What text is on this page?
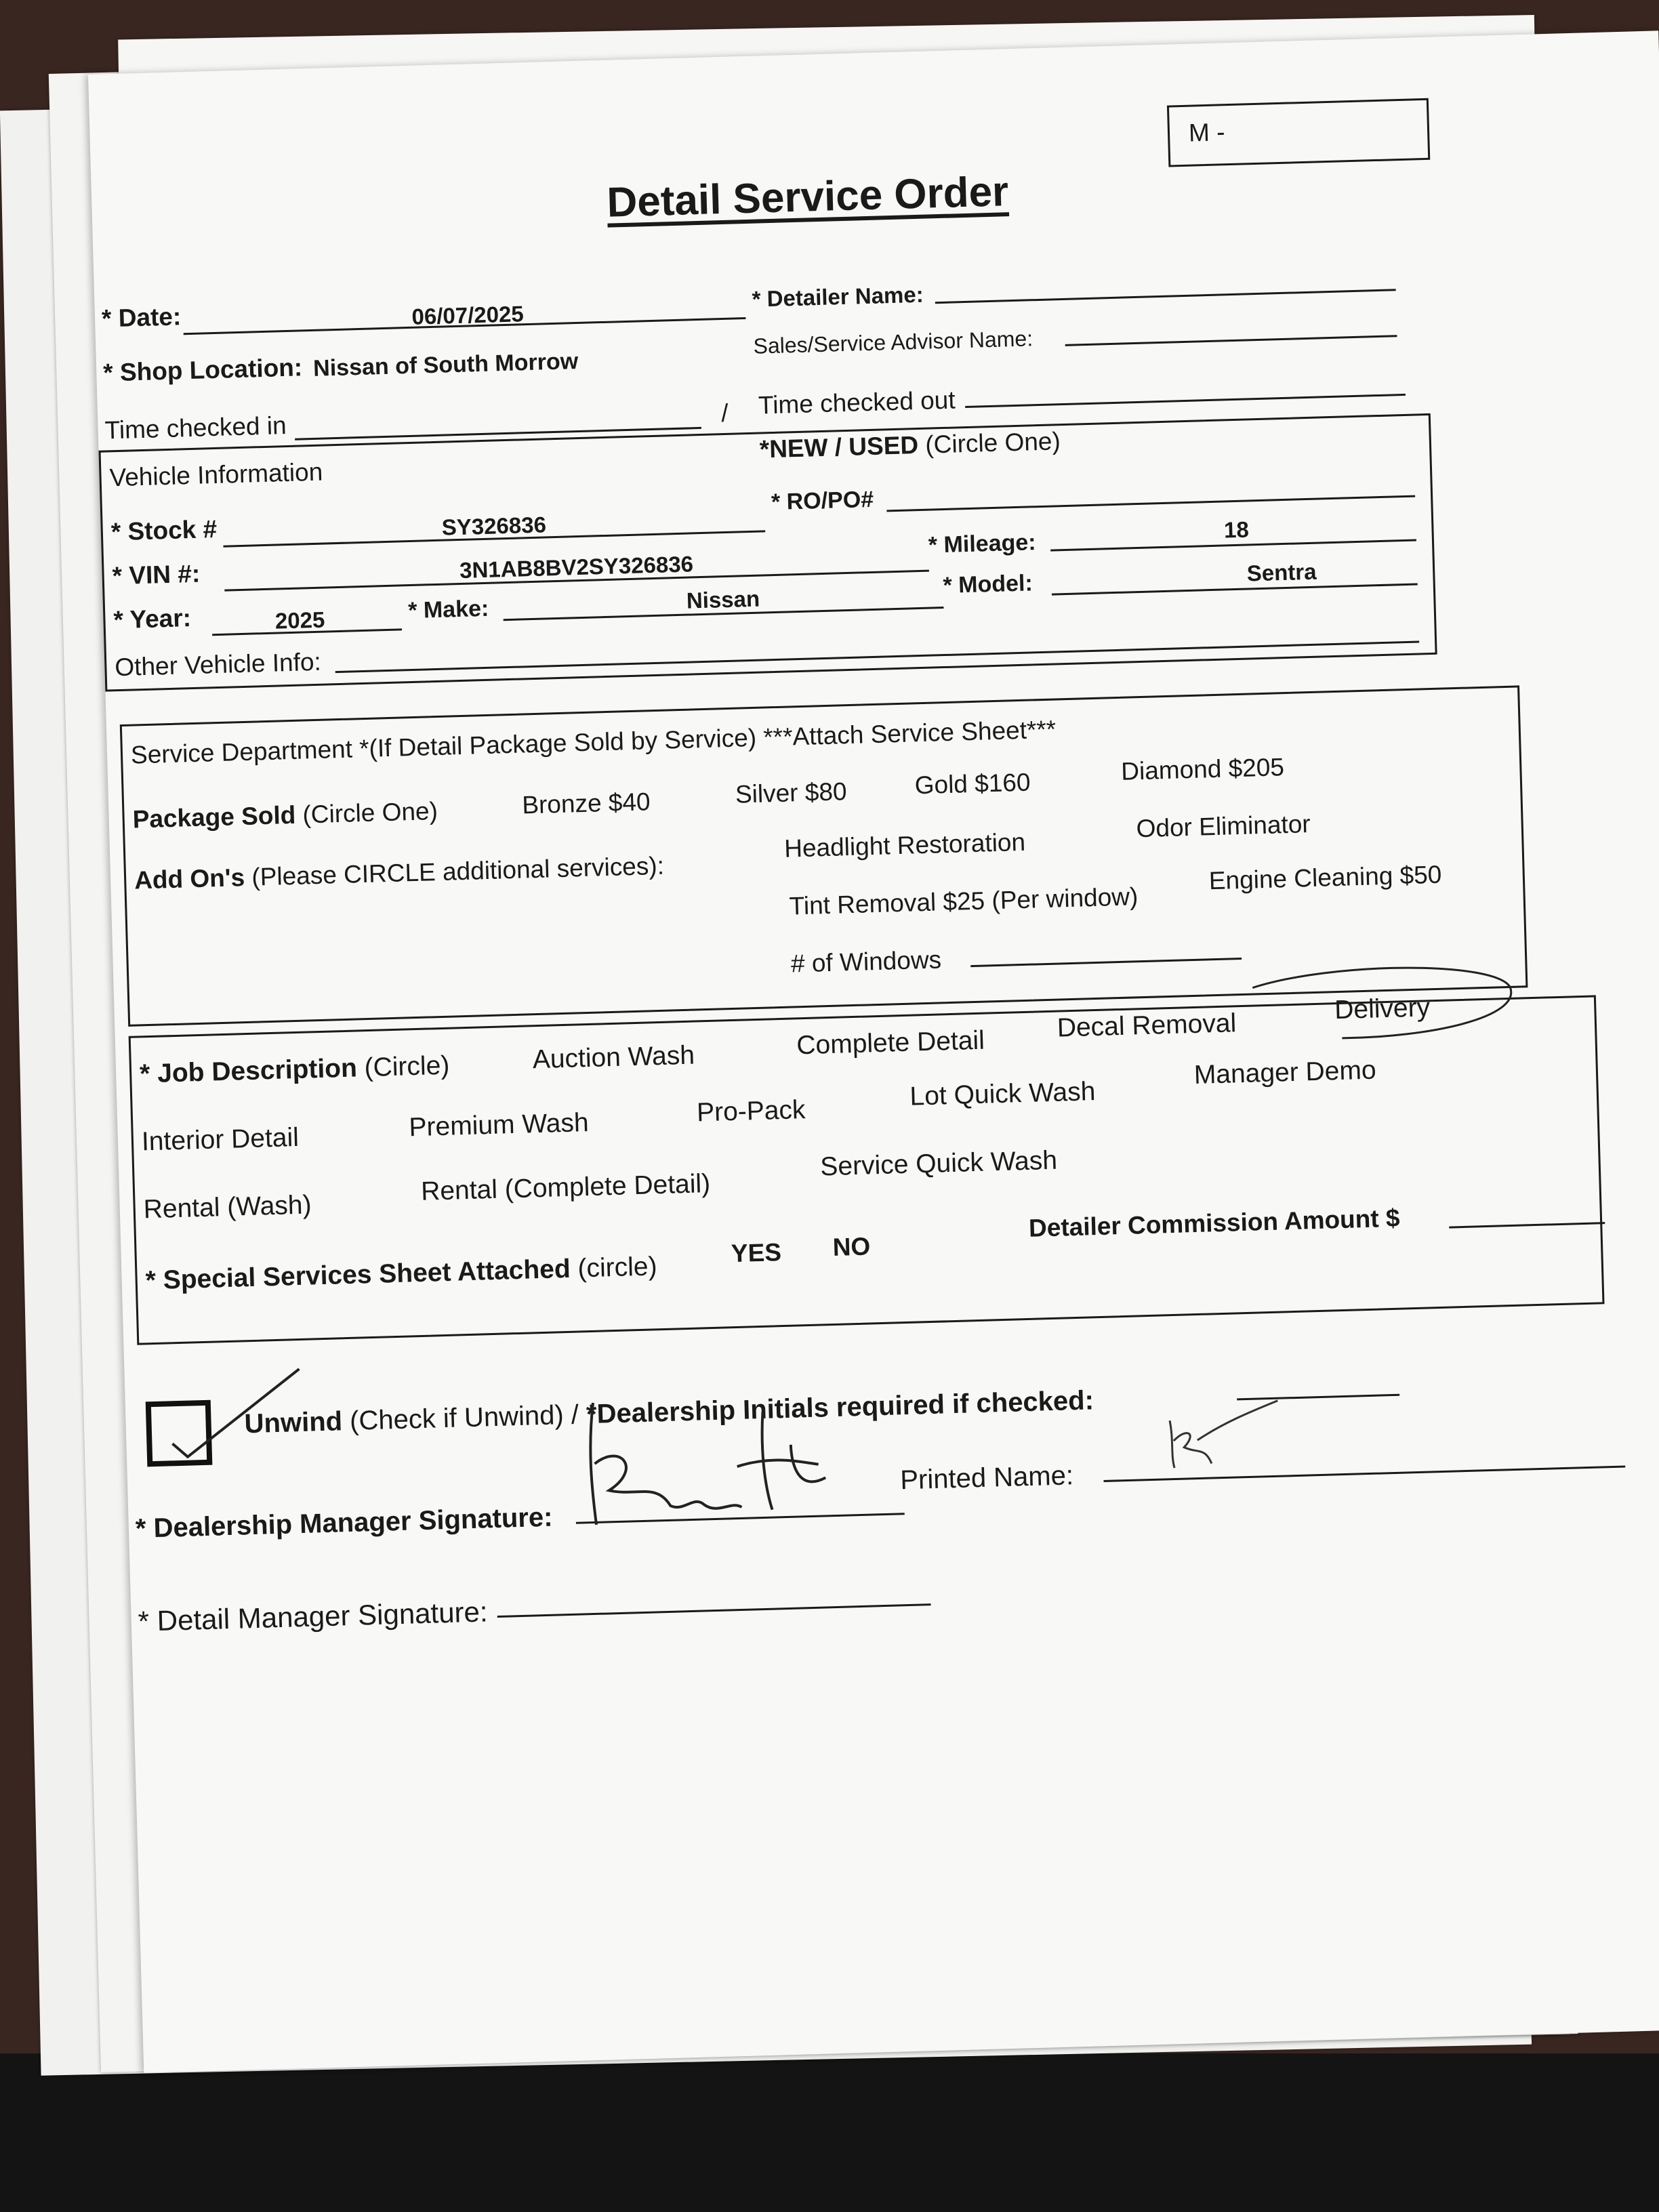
Detail Service Order
M -
* Date:	06/07/2025
* Detailer Name:
* Shop Location: Nissan of South Morrow
Sales/Service Advisor Name:
Time checked in	/ Time checked out
Vehicle Information
*NEW / USED (Circle One)
* Stock #	SY326836
* RO/PO#
* VIN #:	3N1AB8BV2SY326836
* Mileage:	18
* Year:	2025	* Make:	Nissan
* Model:	Sentra
Other Vehicle Info:
Service Department *(If Detail Package Sold by Service) ***Attach Service Sheet***
Package Sold (Circle One)	Bronze $40	Silver $80	Gold $160	Diamond $205
Add On's (Please CIRCLE additional services):
Headlight Restoration
Odor Eliminator
Tint Removal $25 (Per window)
Engine Cleaning $50
# of Windows
* Job Description (Circle)	Auction Wash	Complete Detail
Decal Removal	Delivery
Interior Detail	Premium Wash	Pro-Pack
Lot Quick Wash
Manager Demo
Rental (Wash)
Rental (Complete Detail)
Service Quick Wash
* Special Services Sheet Attached (circle)	YES NO
Detailer Commission Amount $
Unwind (Check if Unwind) / *Dealership Initials required if checked:
* Dealership Manager Signature:
Printed Name:
* Detail Manager Signature:
